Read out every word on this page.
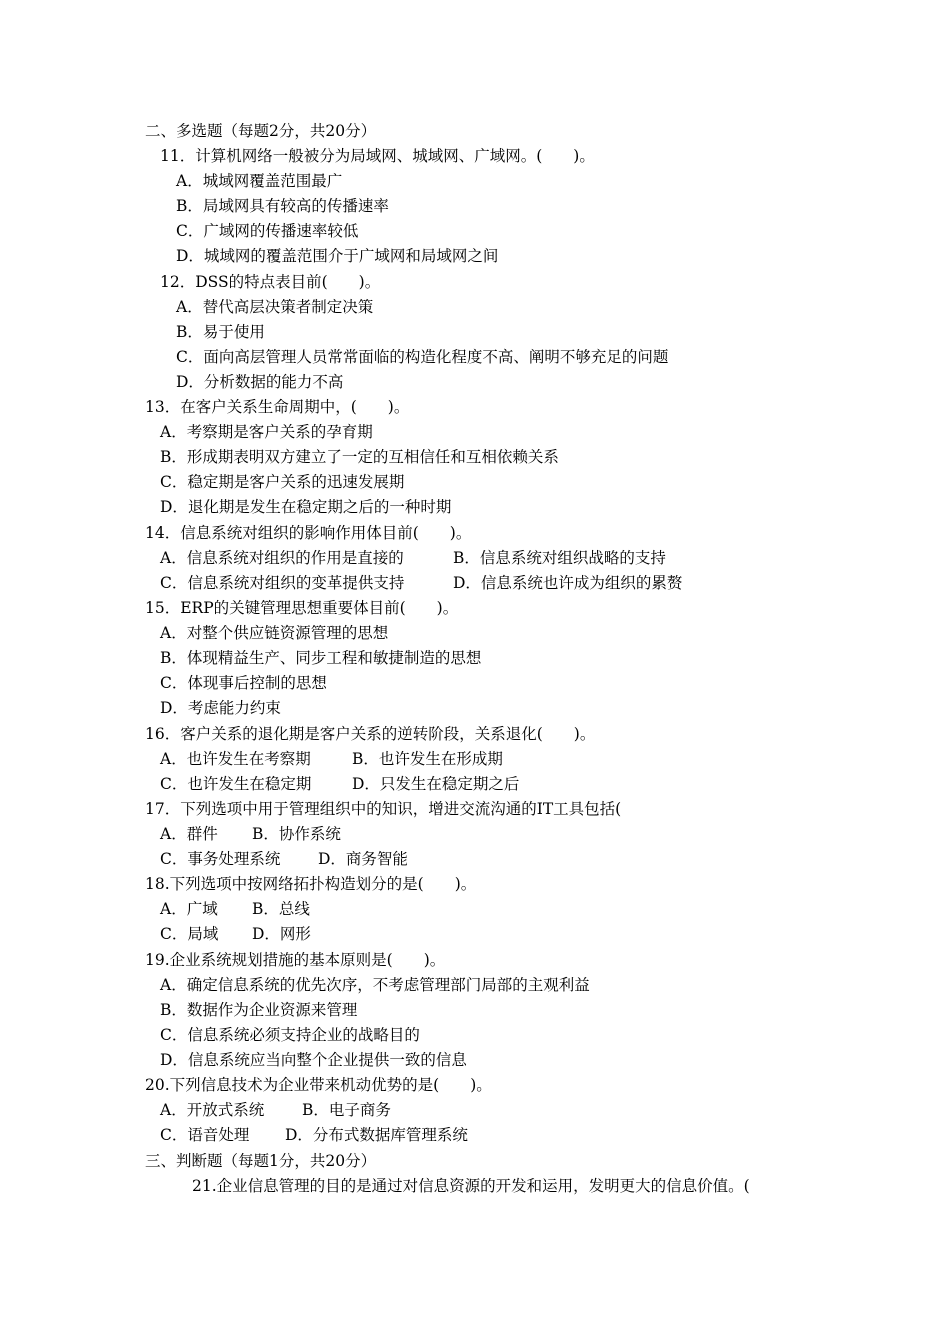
二、多选题（每题2分，共20分）
11．计算机网络一般被分为局域网、城域网、广域网。(　　)。
A．城域网覆盖范围最广
B．局域网具有较高的传播速率
C．广域网的传播速率较低
D．城域网的覆盖范围介于广域网和局域网之间
12．DSS的特点表目前(　　)。
A．替代高层决策者制定决策
B．易于使用
C．面向高层管理人员常常面临的构造化程度不高、阐明不够充足的问题
D．分析数据的能力不高
13．在客户关系生命周期中，(　　)。
A．考察期是客户关系的孕育期
B．形成期表明双方建立了一定的互相信任和互相依赖关系
C．稳定期是客户关系的迅速发展期
D．退化期是发生在稳定期之后的一种时期
14．信息系统对组织的影响作用体目前(　　)。
A．信息系统对组织的作用是直接的	B．信息系统对组织战略的支持
C．信息系统对组织的变革提供支持	D．信息系统也许成为组织的累赘
15．ERP的关键管理思想重要体目前(　　)。
A．对整个供应链资源管理的思想
B．体现精益生产、同步工程和敏捷制造的思想
C．体现事后控制的思想
D．考虑能力约束
16．客户关系的退化期是客户关系的逆转阶段，关系退化(　　)。
A．也许发生在考察期	B．也许发生在形成期
C．也许发生在稳定期	D．只发生在稳定期之后
17．下列选项中用于管理组织中的知识，增进交流沟通的IT工具包括(
A．群件 B．协作系统
C．事务处理系统 D．商务智能
18.下列选项中按网络拓扑构造划分的是(　　)。
A．广域 B．总线
C．局域 D．网形
19.企业系统规划措施的基本原则是(　　)。
A．确定信息系统的优先次序，不考虑管理部门局部的主观利益
B．数据作为企业资源来管理
C．信息系统必须支持企业的战略目的
D．信息系统应当向整个企业提供一致的信息
20.下列信息技术为企业带来机动优势的是(　　)。
A．开放式系统 B．电子商务
C．语音处理 D．分布式数据库管理系统
三、判断题（每题1分，共20分）
21.企业信息管理的目的是通过对信息资源的开发和运用，发明更大的信息价值。(
